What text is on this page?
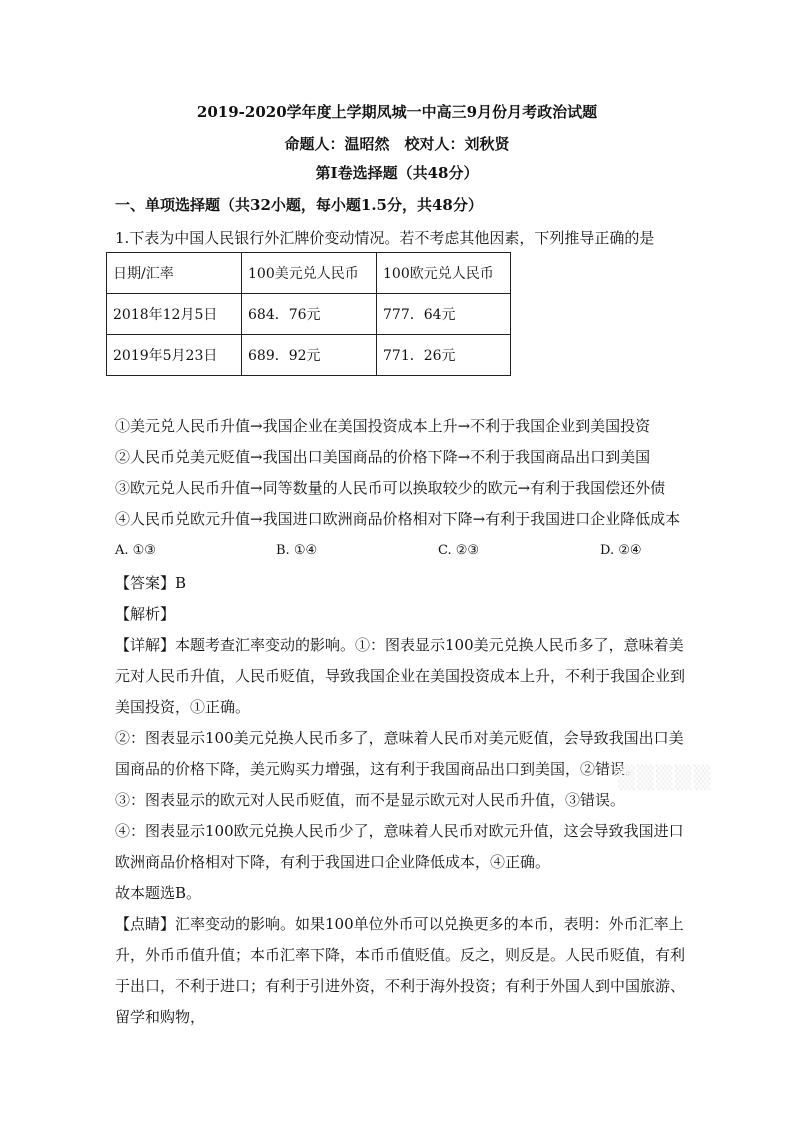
2019-2020学年度上学期凤城一中高三9月份月考政治试题
命题人：温昭然　校对人：刘秋贤
第Ⅰ卷选择题（共48分）
一、单项选择题（共32小题，每小题1.5分，共48分）
1.下表为中国人民银行外汇牌价变动情况。若不考虑其他因素，下列推导正确的是
日期/汇率	100美元兑人民币	100欧元兑人民币
2018年12月5日	684．76元	777．64元
2019年5月23日	689．92元	771．26元
①美元兑人民币升值→我国企业在美国投资成本上升→不利于我国企业到美国投资
②人民币兑美元贬值→我国出口美国商品的价格下降→不利于我国商品出口到美国
③欧元兑人民币升值→同等数量的人民币可以换取较少的欧元→有利于我国偿还外债
④人民币兑欧元升值→我国进口欧洲商品价格相对下降→有利于我国进口企业降低成本
A. ①③	B. ①④	C. ②③	D. ②④
【答案】B
【解析】
【详解】本题考查汇率变动的影响。①：图表显示100美元兑换人民币多了，意味着美元对人民币升值，人民币贬值，导致我国企业在美国投资成本上升，不利于我国企业到美国投资，①正确。
②：图表显示100美元兑换人民币多了，意味着人民币对美元贬值，会导致我国出口美国商品的价格下降，美元购买力增强，这有利于我国商品出口到美国，②错误。
③：图表显示的欧元对人民币贬值，而不是显示欧元对人民币升值，③错误。
④：图表显示100欧元兑换人民币少了，意味着人民币对欧元升值，这会导致我国进口欧洲商品价格相对下降，有利于我国进口企业降低成本，④正确。
故本题选B。
【点睛】汇率变动的影响。如果100单位外币可以兑换更多的本币，表明：外币汇率上升，外币币值升值；本币汇率下降，本币币值贬值。反之，则反是。人民币贬值，有利于出口，不利于进口；有利于引进外资，不利于海外投资；有利于外国人到中国旅游、留学和购物，
▒▒▒▒▒
